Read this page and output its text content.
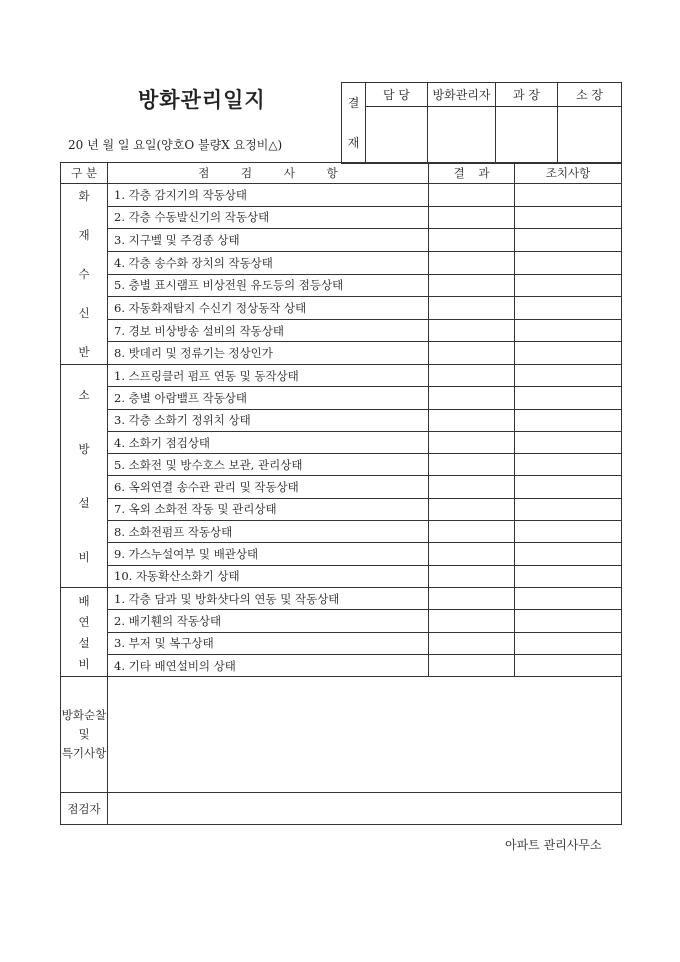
방화관리일지
20 년 월 일 요일(양호O 불량X 요정비△)
결
재	담 당	방화관리자	과 장	소 장

구 분	점 검 사 항	결 과	조치사항

화
재
수
신
반	1. 각층 감지기의 작동상태		
	2. 각층 수동발신기의 작동상태		
	3. 지구벨 및 주경종 상태		
	4. 각층 송수화 장치의 작동상태		
	5. 층별 표시램프 비상전원 유도등의 점등상태		
	6. 자동화재탐지 수신기 정상동작 상태		
	7. 경보 비상방송 설비의 작동상태		
	8. 밧데리 및 정류기는 정상인가		

소
방
설
비	1. 스프링클러 펌프 연동 및 동작상태		
	2. 층별 아람밸프 작동상태		
	3. 각층 소화기 정위치 상태		
	4. 소화기 점검상태		
	5. 소화전 및 방수호스 보관, 관리상태		
	6. 옥외연결 송수관 관리 및 작동상태		
	7. 옥외 소화전 작동 및 관리상태		
	8. 소화전펌프 작동상태		
	9. 가스누설여부 및 배관상태		
	10. 자동확산소화기 상태		

배
연
설
비	1. 각층 담과 및 방화샷다의 연동 및 작동상태		
	2. 배기휀의 작동상태		
	3. 부저 및 복구상태		
	4. 기타 배연설비의 상태		

방화순찰
및
특기사항			

점검자			
아파트 관리사무소
